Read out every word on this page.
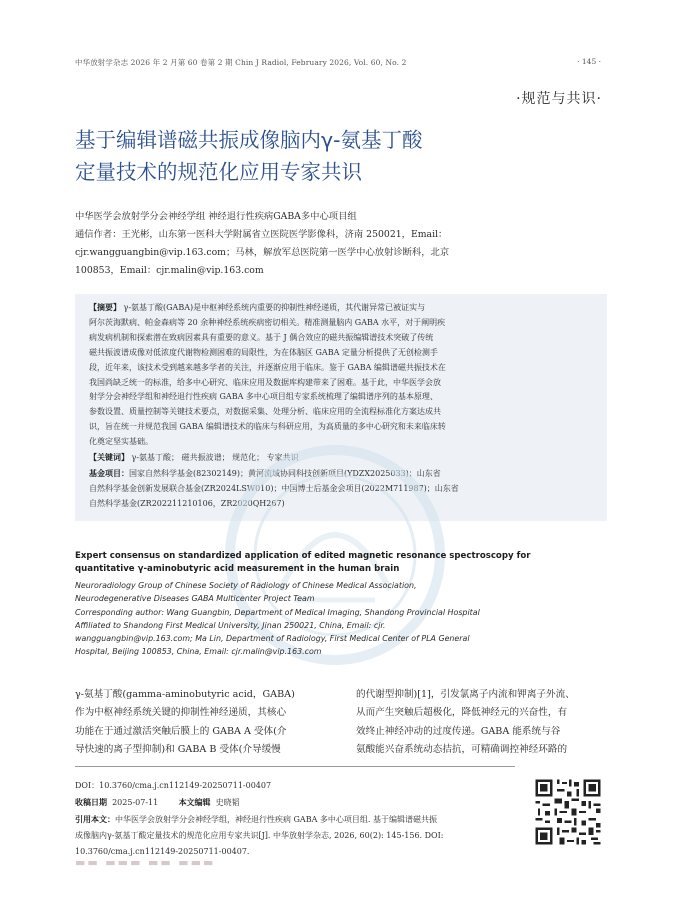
中华放射学杂志 2026 年 2 月第 60 卷第 2 期 Chin J Radiol, February 2026, Vol. 60, No. 2	· 145 ·
·规范与共识·
基于编辑谱磁共振成像脑内γ-氨基丁酸
定量技术的规范化应用专家共识
中华医学会放射学分会神经学组 神经退行性疾病GABA多中心项目组
通信作者：王光彬，山东第一医科大学附属省立医院医学影像科，济南 250021，Email：
cjr.wangguangbin@vip.163.com；马林，解放军总医院第一医学中心放射诊断科，北京
100853，Email：cjr.malin@vip.163.com
【摘要】 γ-氨基丁酸(GABA)是中枢神经系统内重要的抑制性神经递质，其代谢异常已被证实与
阿尔茨海默病、帕金森病等 20 余种神经系统疾病密切相关。精准测量脑内 GABA 水平，对于阐明疾
病发病机制和探索潜在致病因素具有重要的意义。基于 J 偶合效应的磁共振编辑谱技术突破了传统
磁共振波谱成像对低浓度代谢物检测困难的局限性，为在体脑区 GABA 定量分析提供了无创检测手
段，近年来，该技术受到越来越多学者的关注，并逐渐应用于临床。鉴于 GABA 编辑谱磁共振技术在
我国尚缺乏统一的标准，给多中心研究、临床应用及数据库构建带来了困难。基于此，中华医学会放
射学分会神经学组和神经退行性疾病 GABA 多中心项目组专家系统梳理了编辑谱序列的基本原理、
参数设置、质量控制等关键技术要点，对数据采集、处理分析、临床应用的全流程标准化方案达成共
识，旨在统一并规范我国 GABA 编辑谱技术的临床与科研应用，为高质量的多中心研究和未来临床转
化奠定坚实基础。
【关键词】 γ-氨基丁酸； 磁共振波谱； 规范化； 专家共识
基金项目：国家自然科学基金(82302149)；黄河流域协同科技创新项目(YDZX2025033)；山东省
自然科学基金创新发展联合基金(ZR2024LSW010)；中国博士后基金会项目(2022M711987)；山东省
自然科学基金(ZR202211210106，ZR2020QH267)
Expert consensus on standardized application of edited magnetic resonance spectroscopy for
quantitative γ-aminobutyric acid measurement in the human brain
Neuroradiology Group of Chinese Society of Radiology of Chinese Medical Association,
Neurodegenerative Diseases GABA Multicenter Project Team
Corresponding author: Wang Guangbin, Department of Medical Imaging, Shandong Provincial Hospital
Affiliated to Shandong First Medical University, Jinan 250021, China, Email: cjr.
wangguangbin@vip.163.com; Ma Lin, Department of Radiology, First Medical Center of PLA General
Hospital, Beijing 100853, China, Email: cjr.malin@vip.163.com
γ-氨基丁酸(gamma-aminobutyric acid，GABA)
作为中枢神经系统关键的抑制性神经递质，其核心
功能在于通过激活突触后膜上的 GABA A 受体(介
导快速的离子型抑制)和 GABA B 受体(介导缓慢
的代谢型抑制)[1]，引发氯离子内流和钾离子外流、
从而产生突触后超极化，降低神经元的兴奋性，有
效终止神经冲动的过度传递。GABA 能系统与谷
氨酸能兴奋系统动态拮抗，可精确调控神经环路的
DOI：10.3760/cma.j.cn112149-20250711-00407
收稿日期 2025-07-11	本文编辑 史晓韬
引用本文：中华医学会放射学分会神经学组，神经退行性疾病 GABA 多中心项目组. 基于编辑谱磁共振
成像脑内γ-氨基丁酸定量技术的规范化应用专家共识[J]. 中华放射学杂志, 2026, 60(2): 145-156. DOI:
10.3760/cma.j.cn112149-20250711-00407.
▬▬ ▬▬▬ ▬▬ ▬▬▬
